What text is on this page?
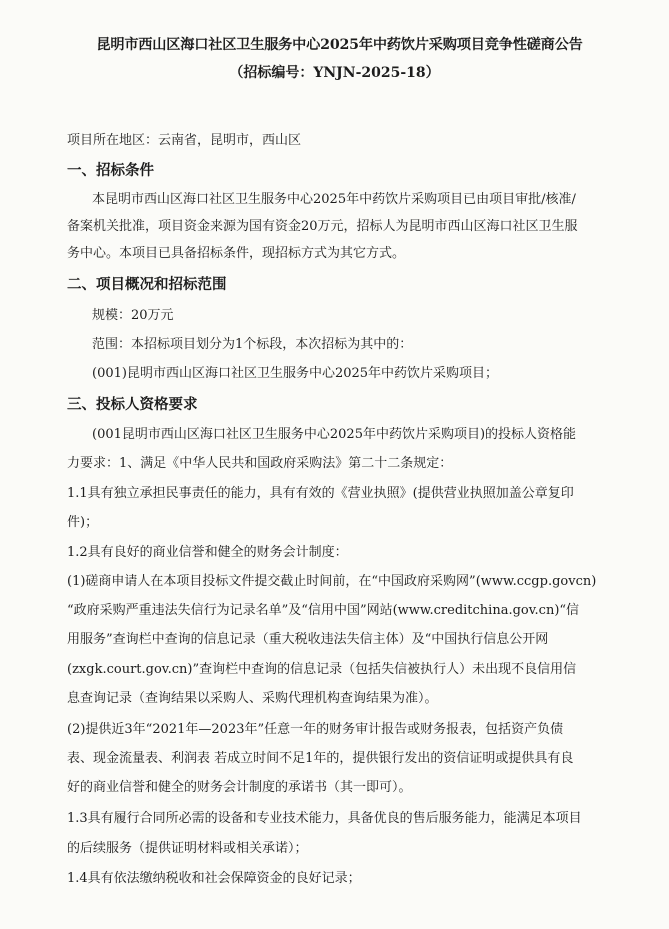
昆明市西山区海口社区卫生服务中心2025年中药饮片采购项目竞争性磋商公告
（招标编号：YNJN-2025-18）
项目所在地区：云南省，昆明市，西山区
一、招标条件
本昆明市西山区海口社区卫生服务中心2025年中药饮片采购项目已由项目审批/核准/
备案机关批准，项目资金来源为国有资金20万元，招标人为昆明市西山区海口社区卫生服
务中心。本项目已具备招标条件，现招标方式为其它方式。
二、项目概况和招标范围
规模：20万元
范围：本招标项目划分为1个标段，本次招标为其中的：
(001)昆明市西山区海口社区卫生服务中心2025年中药饮片采购项目；
三、投标人资格要求
(001昆明市西山区海口社区卫生服务中心2025年中药饮片采购项目)的投标人资格能
力要求：1、满足《中华人民共和国政府采购法》第二十二条规定：
1.1具有独立承担民事责任的能力，具有有效的《营业执照》(提供营业执照加盖公章复印
件)；
1.2具有良好的商业信誉和健全的财务会计制度：
(1)磋商申请人在本项目投标文件提交截止时间前，在“中国政府采购网”(www.ccgp.govcn)
“政府采购严重违法失信行为记录名单”及“信用中国”网站(www.creditchina.gov.cn)“信
用服务”查询栏中查询的信息记录（重大税收违法失信主体）及“中国执行信息公开网
(zxgk.court.gov.cn)”查询栏中查询的信息记录（包括失信被执行人）未出现不良信用信
息查询记录（查询结果以采购人、采购代理机构查询结果为准）。
(2)提供近3年“2021年—2023年”任意一年的财务审计报告或财务报表，包括资产负债
表、现金流量表、利润表 若成立时间不足1年的，提供银行发出的资信证明或提供具有良
好的商业信誉和健全的财务会计制度的承诺书（其一即可）。
1.3具有履行合同所必需的设备和专业技术能力，具备优良的售后服务能力，能满足本项目
的后续服务（提供证明材料或相关承诺）；
1.4具有依法缴纳税收和社会保障资金的良好记录；
